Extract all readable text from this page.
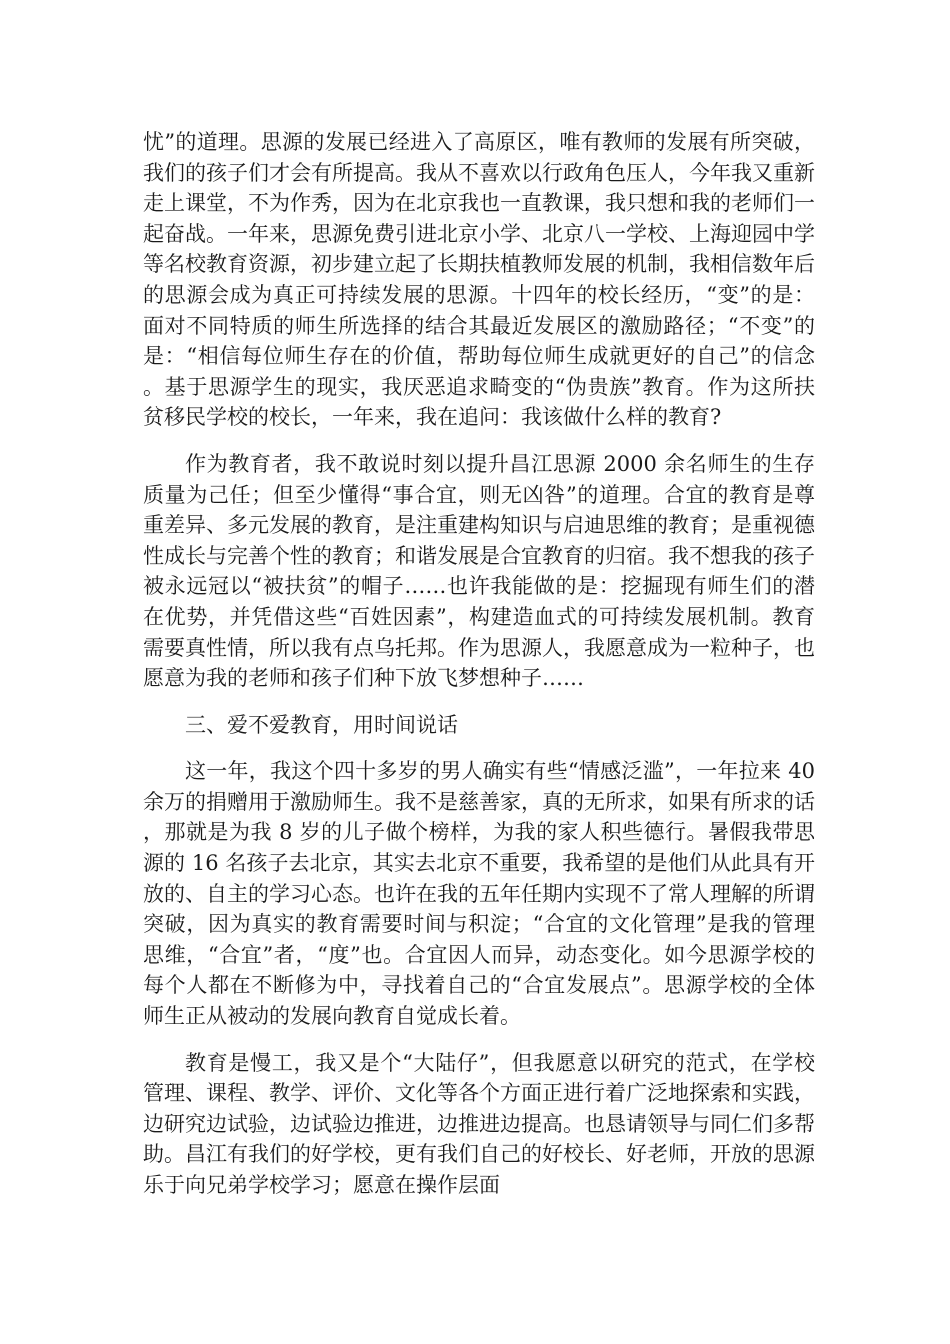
忧”的道理。思源的发展已经进入了高原区，唯有教师的发展有所突破，我们的孩子们才会有所提高。我从不喜欢以行政角色压人，今年我又重新走上课堂，不为作秀，因为在北京我也一直教课，我只想和我的老师们一起奋战。一年来，思源免费引进北京小学、北京八一学校、上海迎园中学等名校教育资源，初步建立起了长期扶植教师发展的机制，我相信数年后的思源会成为真正可持续发展的思源。十四年的校长经历，“变”的是：面对不同特质的师生所选择的结合其最近发展区的激励路径；“不变”的是：“相信每位师生存在的价值，帮助每位师生成就更好的自己”的信念。基于思源学生的现实，我厌恶追求畸变的“伪贵族”教育。作为这所扶贫移民学校的校长，一年来，我在追问：我该做什么样的教育?

作为教育者，我不敢说时刻以提升昌江思源 2000 余名师生的生存质量为己任；但至少懂得“事合宜，则无凶咎”的道理。合宜的教育是尊重差异、多元发展的教育，是注重建构知识与启迪思维的教育；是重视德性成长与完善个性的教育；和谐发展是合宜教育的归宿。我不想我的孩子被永远冠以“被扶贫”的帽子……也许我能做的是：挖掘现有师生们的潜在优势，并凭借这些“百姓因素”，构建造血式的可持续发展机制。教育需要真性情，所以我有点乌托邦。作为思源人，我愿意成为一粒种子，也愿意为我的老师和孩子们种下放飞梦想种子……

三、爱不爱教育，用时间说话

这一年，我这个四十多岁的男人确实有些“情感泛滥”，一年拉来 40 余万的捐赠用于激励师生。我不是慈善家，真的无所求，如果有所求的话，那就是为我 8 岁的儿子做个榜样，为我的家人积些德行。暑假我带思源的 16 名孩子去北京，其实去北京不重要，我希望的是他们从此具有开放的、自主的学习心态。也许在我的五年任期内实现不了常人理解的所谓突破，因为真实的教育需要时间与积淀；“合宜的文化管理”是我的管理思维，“合宜”者，“度”也。合宜因人而异，动态变化。如今思源学校的每个人都在不断修为中，寻找着自己的“合宜发展点”。思源学校的全体师生正从被动的发展向教育自觉成长着。

教育是慢工，我又是个“大陆仔”，但我愿意以研究的范式，在学校管理、课程、教学、评价、文化等各个方面正进行着广泛地探索和实践，边研究边试验，边试验边推进，边推进边提高。也恳请领导与同仁们多帮助。昌江有我们的好学校，更有我们自己的好校长、好老师，开放的思源乐于向兄弟学校学习；愿意在操作层面
